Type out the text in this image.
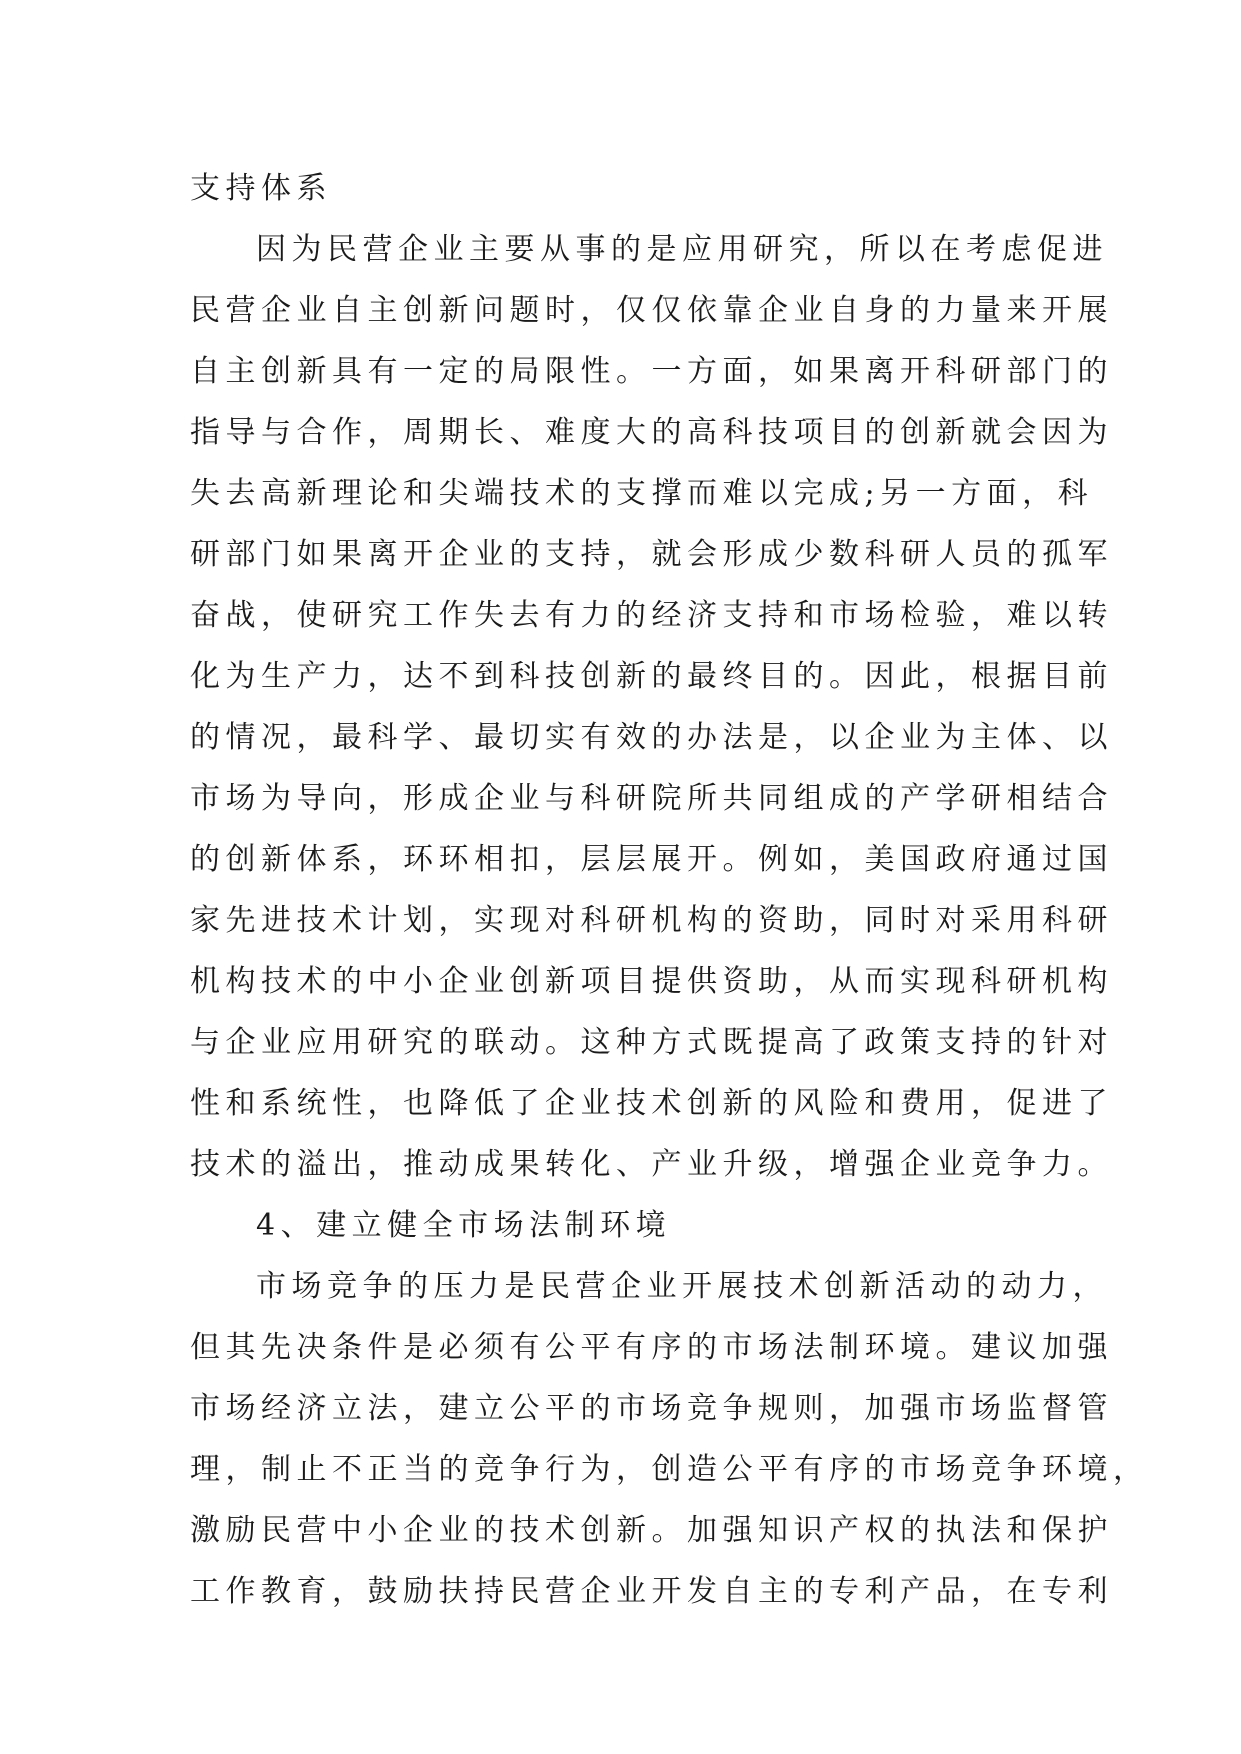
支持体系
因为民营企业主要从事的是应用研究，所以在考虑促进
民营企业自主创新问题时，仅仅依靠企业自身的力量来开展
自主创新具有一定的局限性。一方面，如果离开科研部门的
指导与合作，周期长、难度大的高科技项目的创新就会因为
失去高新理论和尖端技术的支撑而难以完成;另一方面，科
研部门如果离开企业的支持，就会形成少数科研人员的孤军
奋战，使研究工作失去有力的经济支持和市场检验，难以转
化为生产力，达不到科技创新的最终目的。因此，根据目前
的情况，最科学、最切实有效的办法是，以企业为主体、以
市场为导向，形成企业与科研院所共同组成的产学研相结合
的创新体系，环环相扣，层层展开。例如，美国政府通过国
家先进技术计划，实现对科研机构的资助，同时对采用科研
机构技术的中小企业创新项目提供资助，从而实现科研机构
与企业应用研究的联动。这种方式既提高了政策支持的针对
性和系统性，也降低了企业技术创新的风险和费用，促进了
技术的溢出，推动成果转化、产业升级，增强企业竞争力。
4、建立健全市场法制环境
市场竞争的压力是民营企业开展技术创新活动的动力，
但其先决条件是必须有公平有序的市场法制环境。建议加强
市场经济立法，建立公平的市场竞争规则，加强市场监督管
理，制止不正当的竞争行为，创造公平有序的市场竞争环境，
激励民营中小企业的技术创新。加强知识产权的执法和保护
工作教育，鼓励扶持民营企业开发自主的专利产品，在专利
